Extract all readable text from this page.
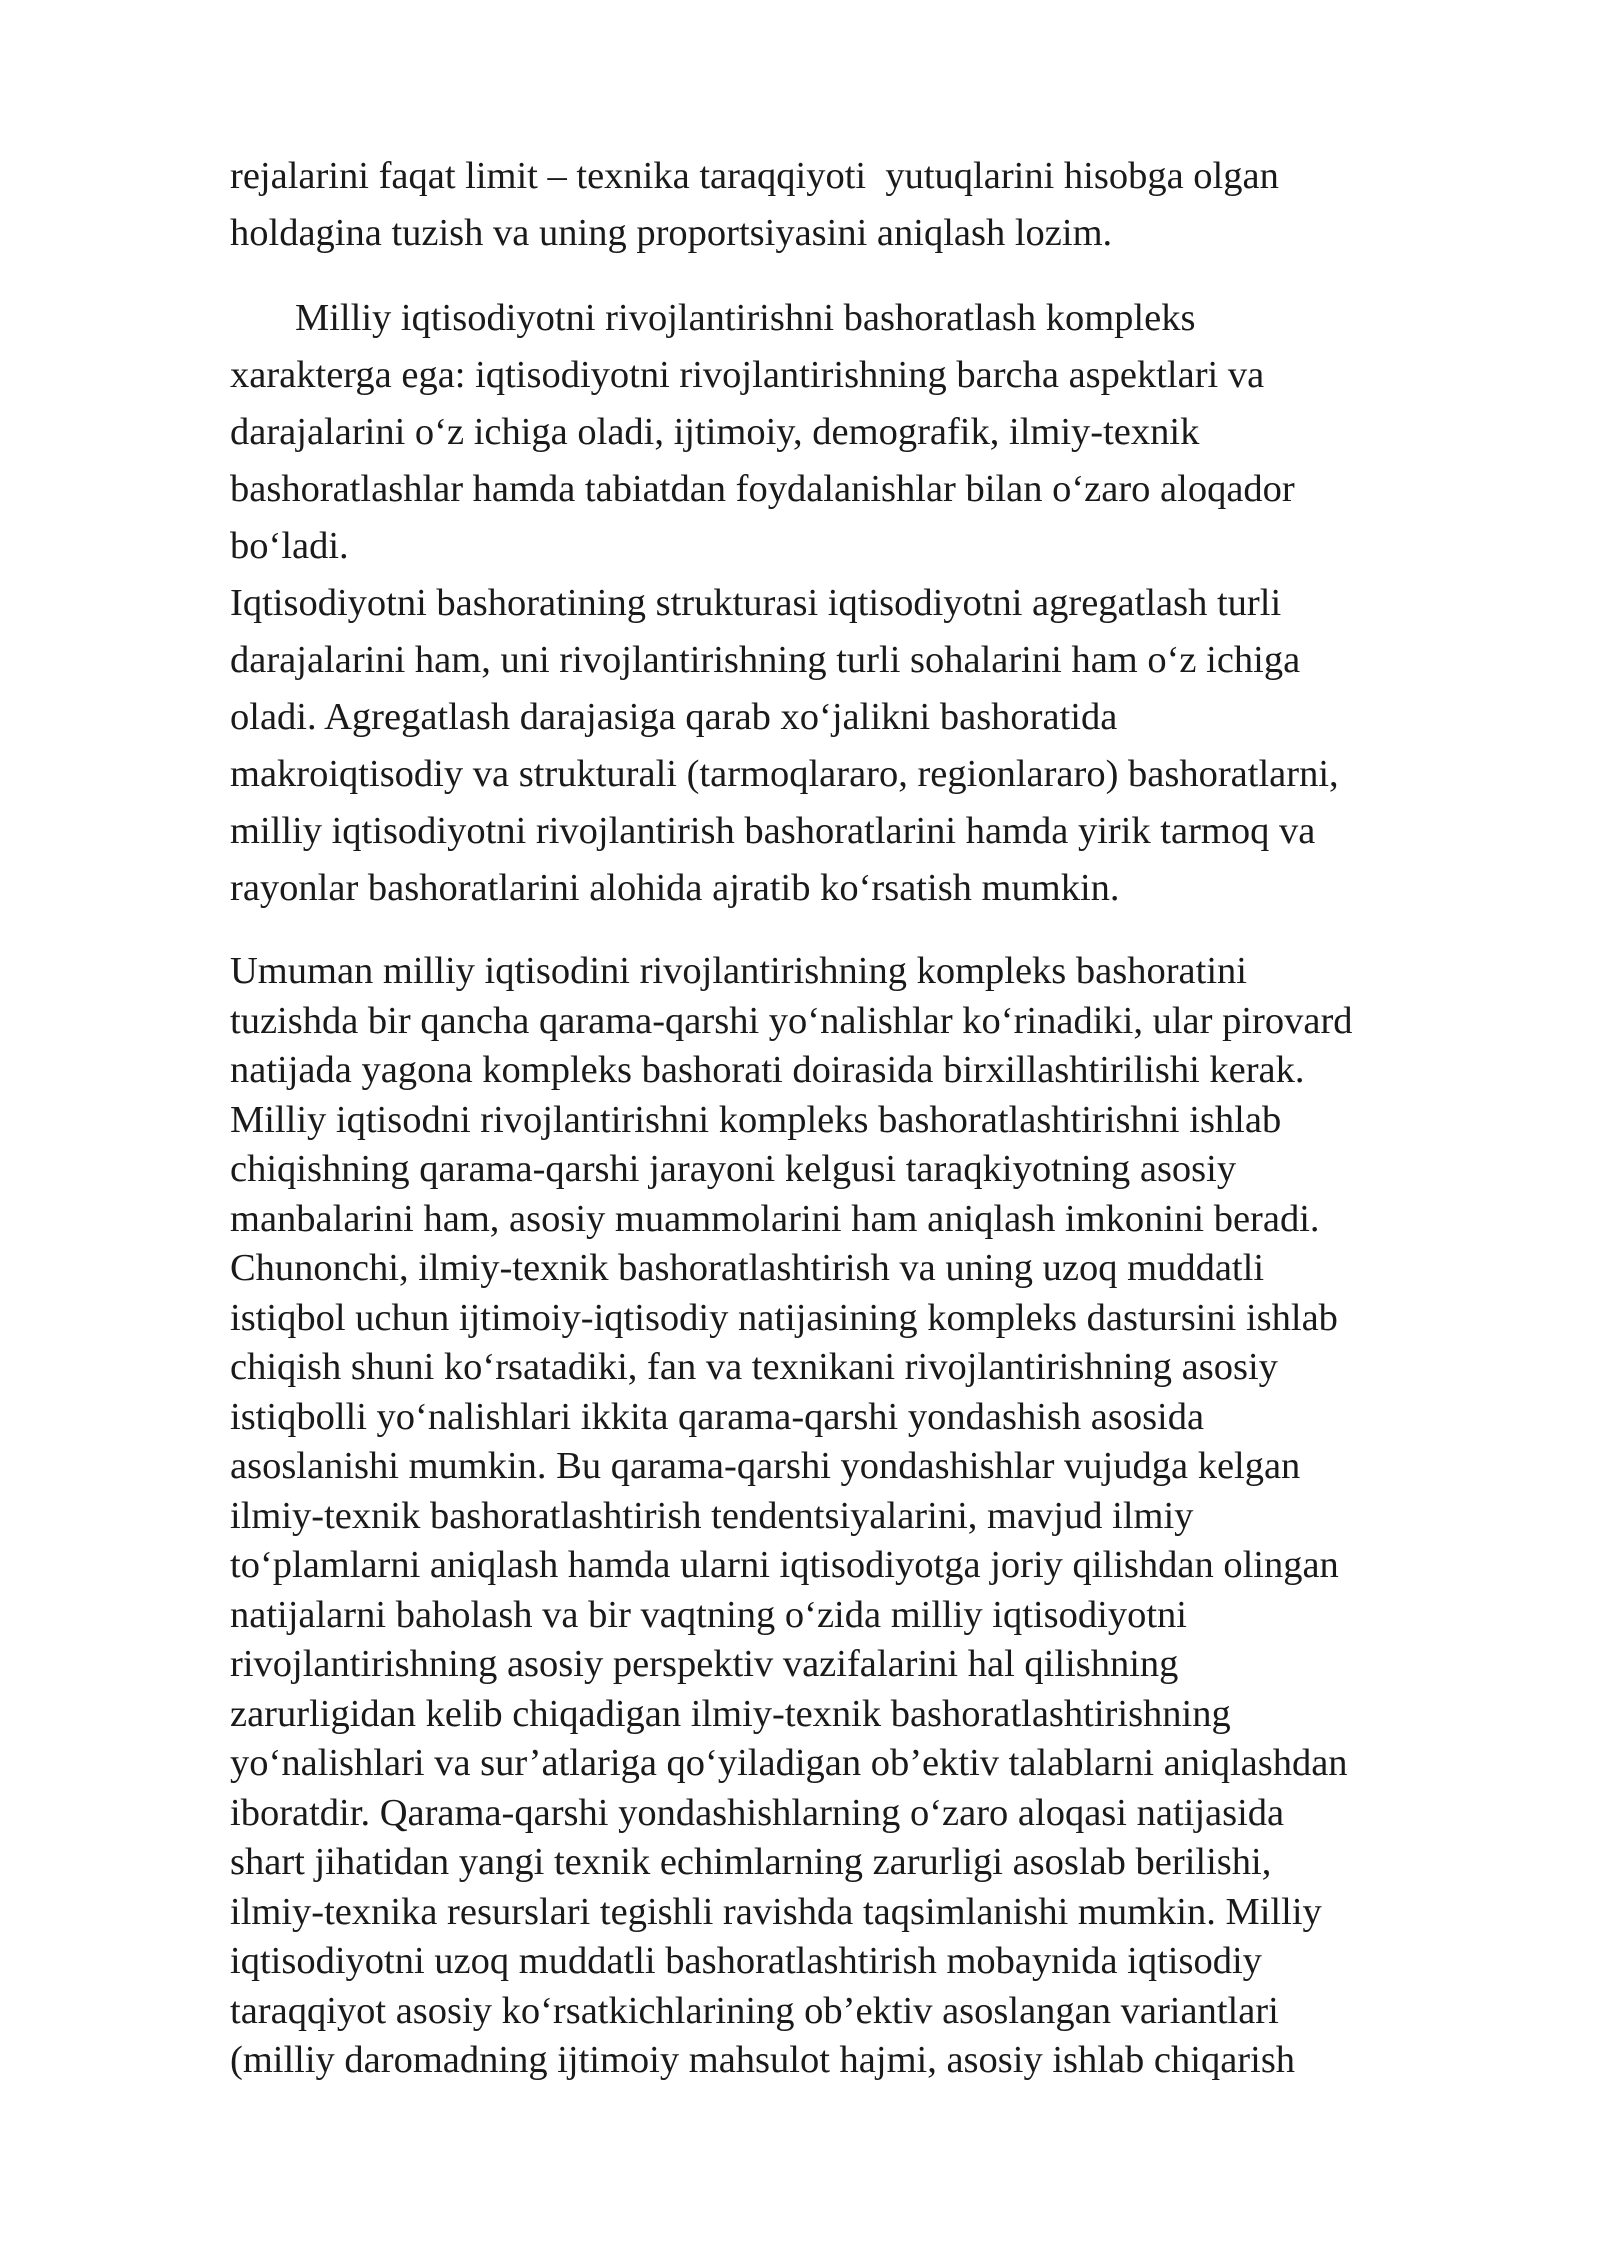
rejalarini faqat limit – texnika taraqqiyoti  yutuqlarini hisobga olgan

holdagina tuzish va uning proportsiyasini aniqlash lozim.

Milliy iqtisodiyotni rivojlantirishni bashoratlash kompleks

xarakterga ega: iqtisodiyotni rivojlantirishning barcha aspektlari va

darajalarini o‘z ichiga oladi, ijtimoiy, demografik, ilmiy-texnik

bashoratlashlar hamda tabiatdan foydalanishlar bilan o‘zaro aloqador

bo‘ladi.

Iqtisodiyotni bashoratining strukturasi iqtisodiyotni agregatlash turli

darajalarini ham, uni rivojlantirishning turli sohalarini ham o‘z ichiga

oladi. Agregatlash darajasiga qarab xo‘jalikni bashoratida

makroiqtisodiy va strukturali (tarmoqlararo, regionlararo) bashoratlarni,

milliy iqtisodiyotni rivojlantirish bashoratlarini hamda yirik tarmoq va

rayonlar bashoratlarini alohida ajratib ko‘rsatish mumkin.

Umuman milliy iqtisodini rivojlantirishning kompleks bashoratini

tuzishda bir qancha qarama-qarshi yo‘nalishlar ko‘rinadiki, ular pirovard

natijada yagona kompleks bashorati doirasida birxillashtirilishi kerak.

Milliy iqtisodni rivojlantirishni kompleks bashoratlashtirishni ishlab

chiqishning qarama-qarshi jarayoni kelgusi taraqkiyotning asosiy

manbalarini ham, asosiy muammolarini ham aniqlash imkonini beradi.

Chunonchi, ilmiy-texnik bashoratlashtirish va uning uzoq muddatli

istiqbol uchun ijtimoiy-iqtisodiy natijasining kompleks dastursini ishlab

chiqish shuni ko‘rsatadiki, fan va texnikani rivojlantirishning asosiy

istiqbolli yo‘nalishlari ikkita qarama-qarshi yondashish asosida

asoslanishi mumkin. Bu qarama-qarshi yondashishlar vujudga kelgan

ilmiy-texnik bashoratlashtirish tendentsiyalarini, mavjud ilmiy

to‘plamlarni aniqlash hamda ularni iqtisodiyotga joriy qilishdan olingan

natijalarni baholash va bir vaqtning o‘zida milliy iqtisodiyotni

rivojlantirishning asosiy perspektiv vazifalarini hal qilishning

zarurligidan kelib chiqadigan ilmiy-texnik bashoratlashtirishning

yo‘nalishlari va sur’atlariga qo‘yiladigan ob’ektiv talablarni aniqlashdan

iboratdir. Qarama-qarshi yondashishlarning o‘zaro aloqasi natijasida

shart jihatidan yangi texnik echimlarning zarurligi asoslab berilishi,

ilmiy-texnika resurslari tegishli ravishda taqsimlanishi mumkin. Milliy

iqtisodiyotni uzoq muddatli bashoratlashtirish mobaynida iqtisodiy

taraqqiyot asosiy ko‘rsatkichlarining ob’ektiv asoslangan variantlari

(milliy daromadning ijtimoiy mahsulot hajmi, asosiy ishlab chiqarish
